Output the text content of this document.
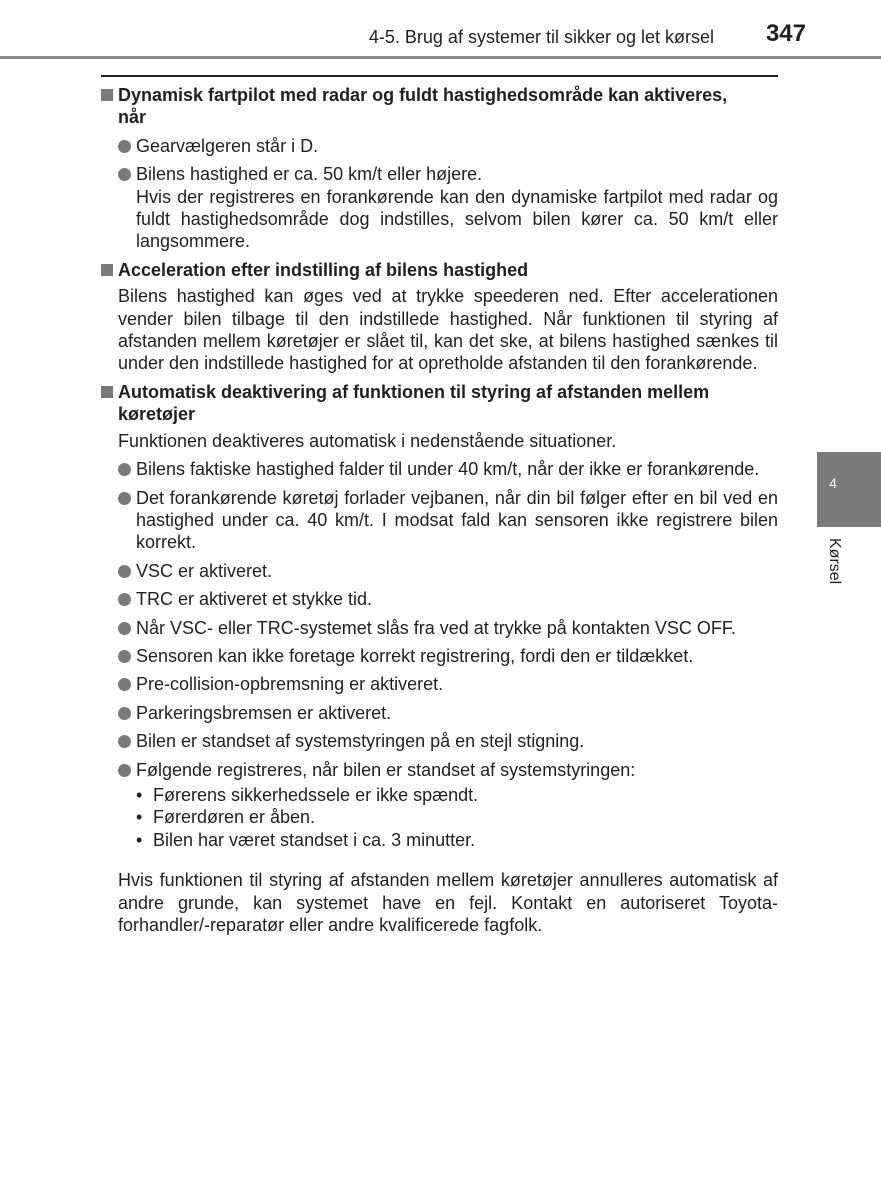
4-5. Brug af systemer til sikker og let kørsel 347
4
Kørsel
Dynamisk fartpilot med radar og fuldt hastighedsområde kan aktiveres,
når
Gearvælgeren står i D.
Bilens hastighed er ca. 50 km/t eller højere.
Hvis der registreres en forankørende kan den dynamiske fartpilot med radar og fuldt hastighedsområde dog indstilles, selvom bilen kører ca. 50 km/t eller langsommere.
Acceleration efter indstilling af bilens hastighed
Bilens hastighed kan øges ved at trykke speederen ned. Efter accelerationen vender bilen tilbage til den indstillede hastighed. Når funktionen til styring af afstanden mellem køretøjer er slået til, kan det ske, at bilens hastighed sænkes til under den indstillede hastighed for at opretholde afstanden til den forankørende.
Automatisk deaktivering af funktionen til styring af afstanden mellem
køretøjer
Funktionen deaktiveres automatisk i nedenstående situationer.
Bilens faktiske hastighed falder til under 40 km/t, når der ikke er forankørende.
Det forankørende køretøj forlader vejbanen, når din bil følger efter en bil ved en hastighed under ca. 40 km/t. I modsat fald kan sensoren ikke registrere bilen korrekt.
VSC er aktiveret.
TRC er aktiveret et stykke tid.
Når VSC- eller TRC-systemet slås fra ved at trykke på kontakten VSC OFF.
Sensoren kan ikke foretage korrekt registrering, fordi den er tildækket.
Pre-collision-opbremsning er aktiveret.
Parkeringsbremsen er aktiveret.
Bilen er standset af systemstyringen på en stejl stigning.
Følgende registreres, når bilen er standset af systemstyringen:
• Førerens sikkerhedssele er ikke spændt.
• Førerdøren er åben.
• Bilen har været standset i ca. 3 minutter.
Hvis funktionen til styring af afstanden mellem køretøjer annulleres automatisk af andre grunde, kan systemet have en fejl. Kontakt en autoriseret Toyota-forhandler/-reparatør eller andre kvalificerede fagfolk.
